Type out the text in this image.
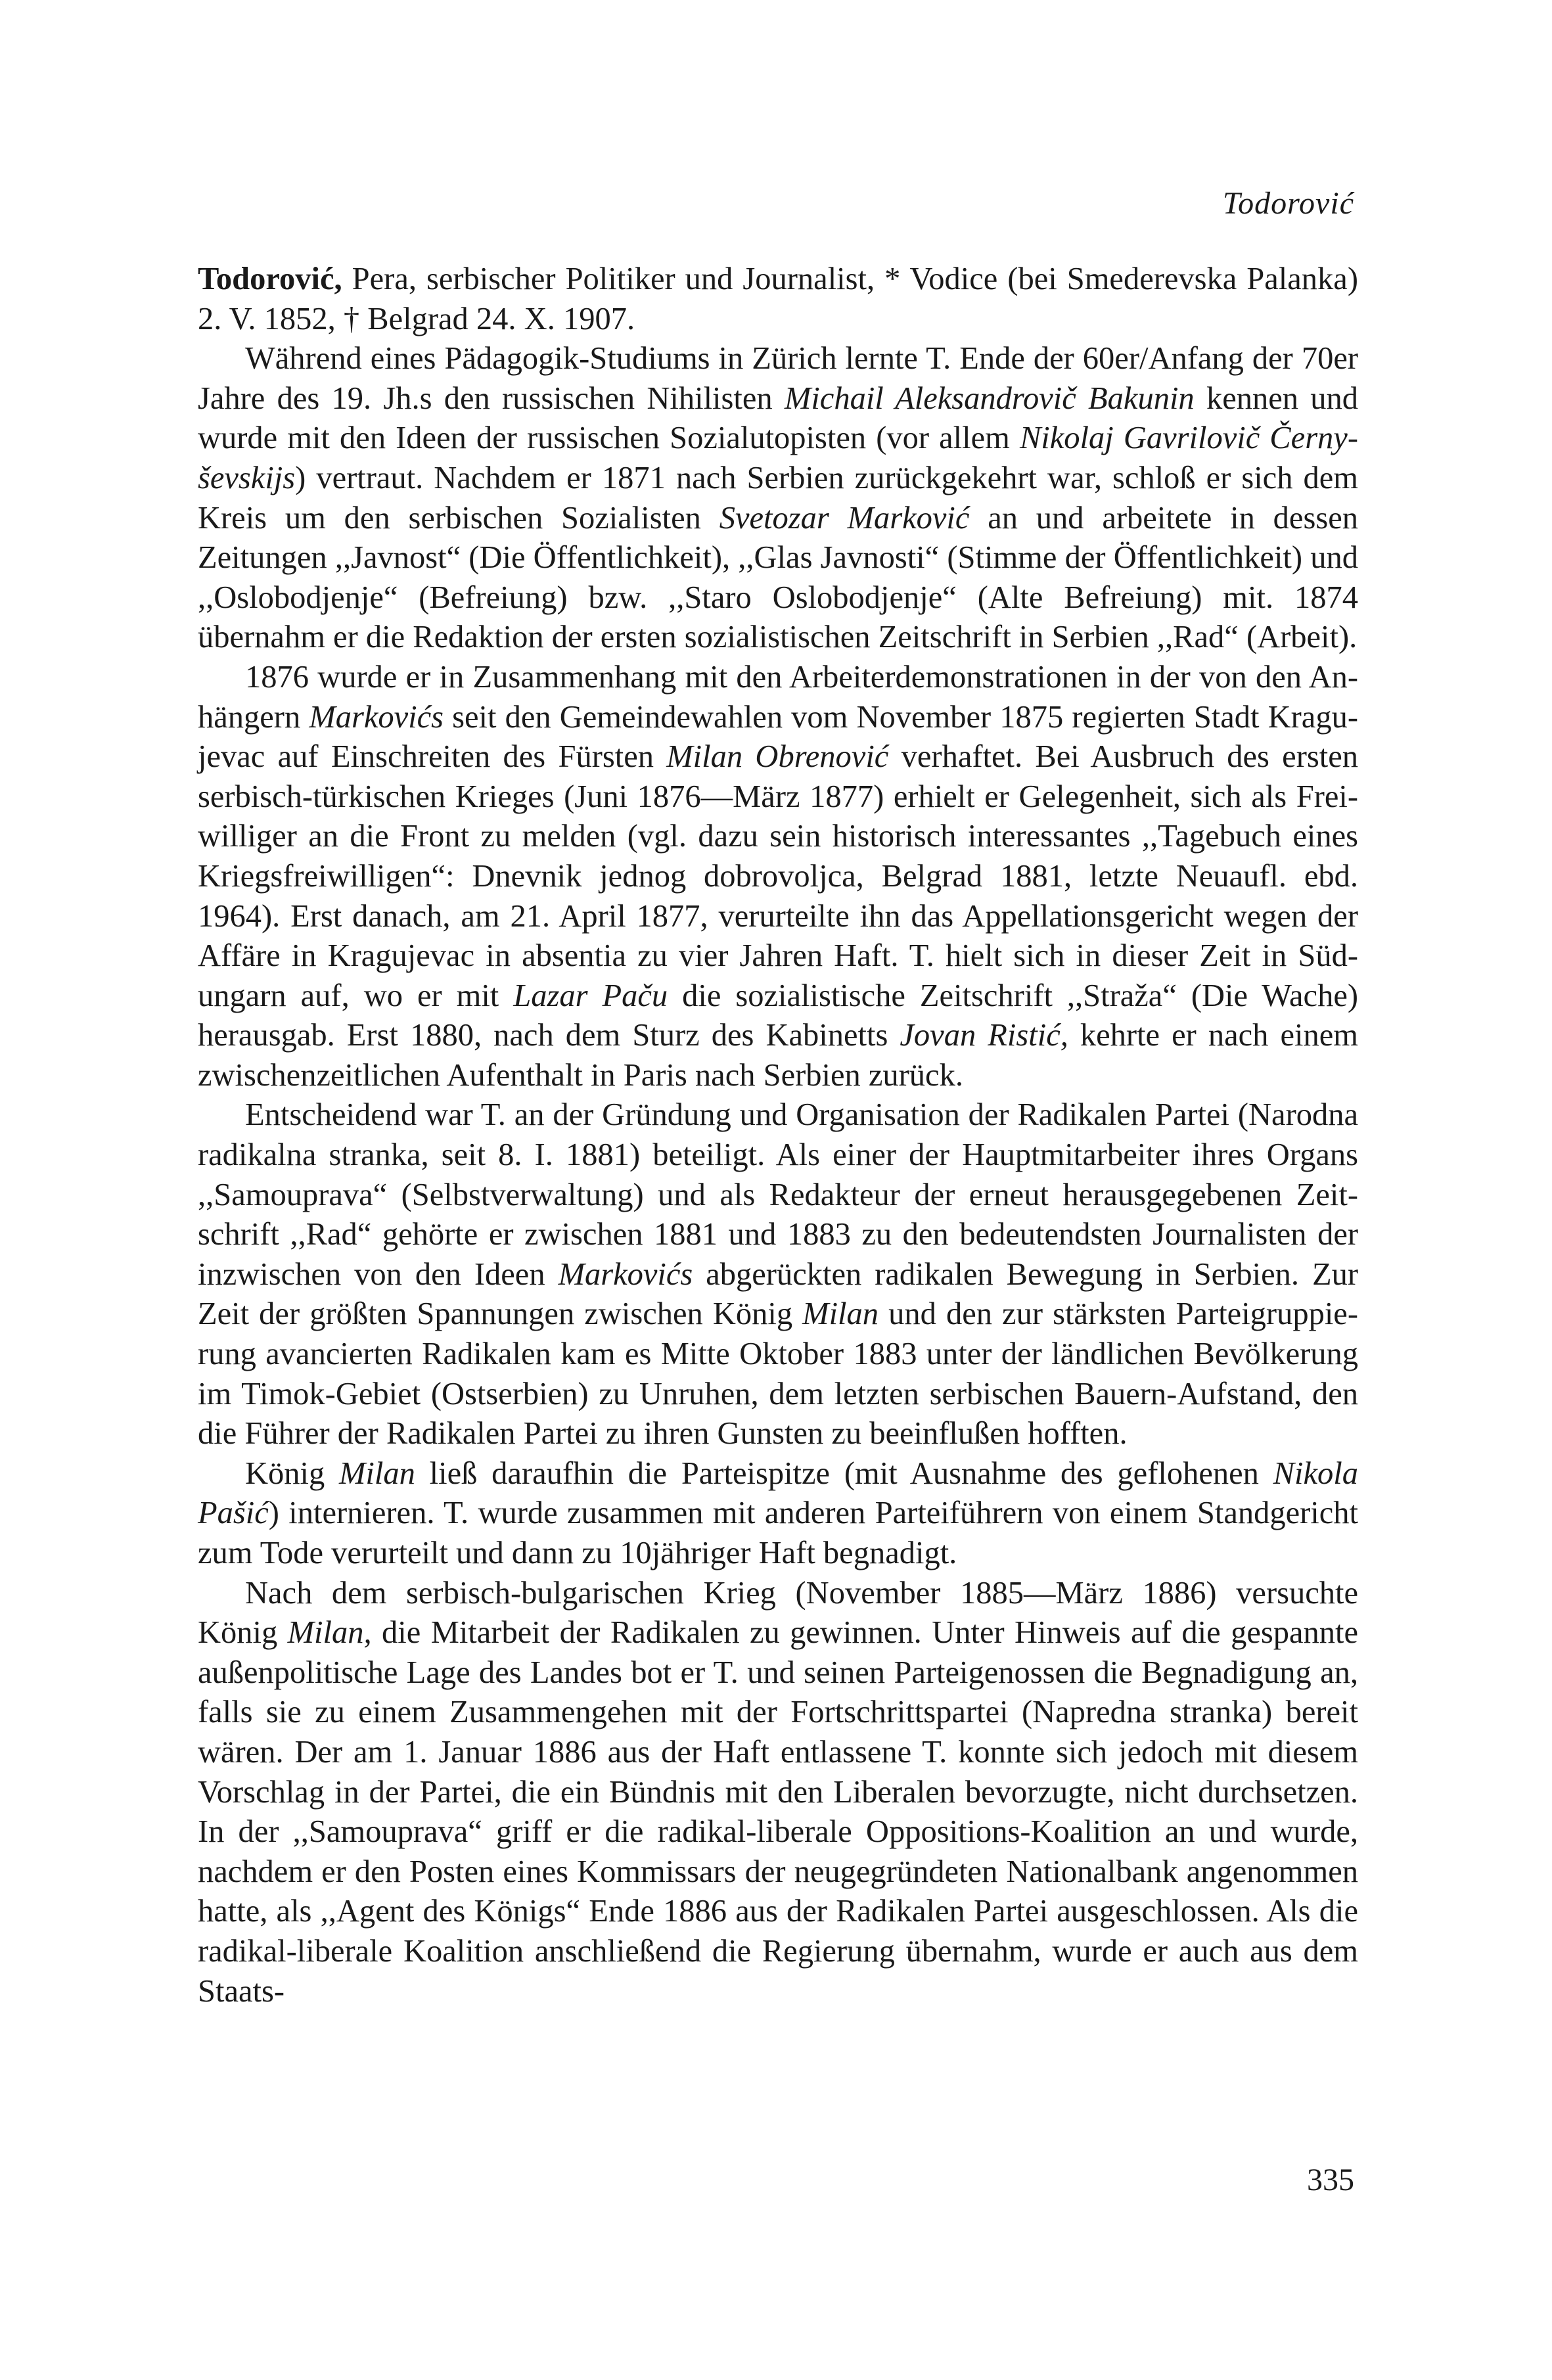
Todorović

Todorović, Pera, serbischer Politiker und Journalist, * Vodice (bei Smederevska Palanka) 2. V. 1852, † Belgrad 24. X. 1907.

Während eines Pädagogik-Studiums in Zürich lernte T. Ende der 60er/Anfang der 70er Jahre des 19. Jh.s den russischen Nihilisten Michail Aleksandrovič Bakunin kennen und wurde mit den Ideen der russischen Sozialutopisten (vor allem Nikolaj Gavrilovič Černyševskijs) vertraut. Nachdem er 1871 nach Serbien zurückgekehrt war, schloß er sich dem Kreis um den serbischen Sozialisten Svetozar Marković an und arbeitete in dessen Zeitungen ,,Javnost“ (Die Öffentlichkeit), ,,Glas Javnosti“ (Stimme der Öffentlichkeit) und ,,Oslobodjenje“ (Befreiung) bzw. ,,Staro Oslobodjenje“ (Alte Befreiung) mit. 1874 übernahm er die Redaktion der ersten sozialistischen Zeitschrift in Serbien ,,Rad“ (Arbeit).

1876 wurde er in Zusammenhang mit den Arbeiterdemonstrationen in der von den Anhängern Markovićs seit den Gemeindewahlen vom November 1875 regierten Stadt Kragujevac auf Einschreiten des Fürsten Milan Obrenović verhaftet. Bei Ausbruch des ersten serbisch-türkischen Krieges (Juni 1876—März 1877) erhielt er Gelegenheit, sich als Freiwilliger an die Front zu melden (vgl. dazu sein historisch interessantes ,,Tagebuch eines Kriegsfreiwilligen“: Dnevnik jednog dobrovoljca, Belgrad 1881, letzte Neuaufl. ebd. 1964). Erst danach, am 21. April 1877, verurteilte ihn das Appellationsgericht wegen der Affäre in Kragujevac in absentia zu vier Jahren Haft. T. hielt sich in dieser Zeit in Südungarn auf, wo er mit Lazar Paču die sozialistische Zeitschrift ,,Straža“ (Die Wache) herausgab. Erst 1880, nach dem Sturz des Kabinetts Jovan Ristić, kehrte er nach einem zwischenzeitlichen Aufenthalt in Paris nach Serbien zurück.

Entscheidend war T. an der Gründung und Organisation der Radikalen Partei (Narodna radikalna stranka, seit 8. I. 1881) beteiligt. Als einer der Hauptmitarbeiter ihres Organs ,,Samouprava“ (Selbstverwaltung) und als Redakteur der erneut herausgegebenen Zeitschrift ,,Rad“ gehörte er zwischen 1881 und 1883 zu den bedeutendsten Journalisten der inzwischen von den Ideen Markovićs abgerückten radikalen Bewegung in Serbien. Zur Zeit der größten Spannungen zwischen König Milan und den zur stärksten Parteigruppierung avancierten Radikalen kam es Mitte Oktober 1883 unter der ländlichen Bevölkerung im Timok-Gebiet (Ostserbien) zu Unruhen, dem letzten serbischen Bauern-Aufstand, den die Führer der Radikalen Partei zu ihren Gunsten zu beeinflußen hofften.

König Milan ließ daraufhin die Parteispitze (mit Ausnahme des geflohenen Nikola Pašić) internieren. T. wurde zusammen mit anderen Parteiführern von einem Standgericht zum Tode verurteilt und dann zu 10jähriger Haft begnadigt.

Nach dem serbisch-bulgarischen Krieg (November 1885—März 1886) versuchte König Milan, die Mitarbeit der Radikalen zu gewinnen. Unter Hinweis auf die gespannte außenpolitische Lage des Landes bot er T. und seinen Parteigenossen die Begnadigung an, falls sie zu einem Zusammengehen mit der Fortschrittspartei (Napredna stranka) bereit wären. Der am 1. Januar 1886 aus der Haft entlassene T. konnte sich jedoch mit diesem Vorschlag in der Partei, die ein Bündnis mit den Liberalen bevorzugte, nicht durchsetzen. In der ,,Samouprava“ griff er die radikal-liberale Oppositions-Koalition an und wurde, nachdem er den Posten eines Kommissars der neugegründeten Nationalbank angenommen hatte, als ,,Agent des Königs“ Ende 1886 aus der Radikalen Partei ausgeschlossen. Als die radikal-liberale Koalition anschließend die Regierung übernahm, wurde er auch aus dem Staats-

335
